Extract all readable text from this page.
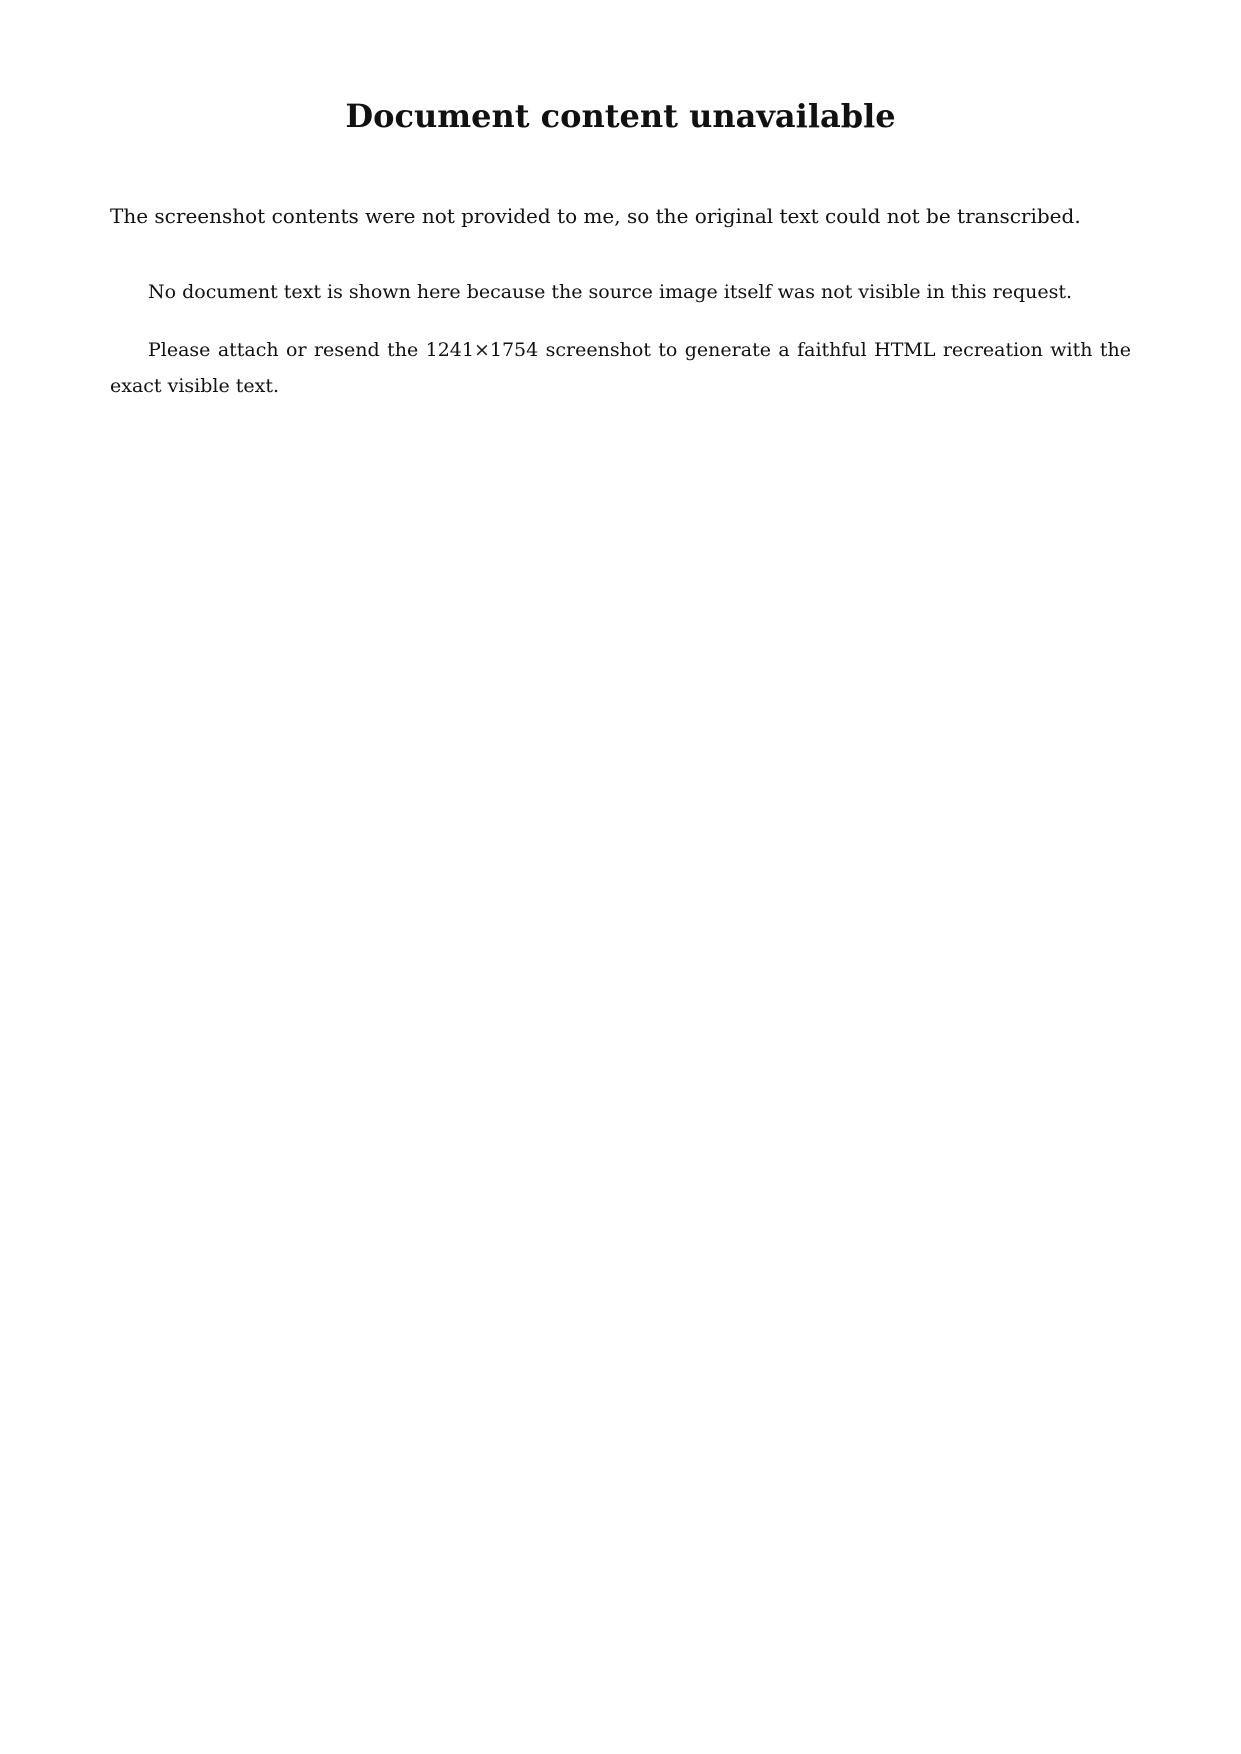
Document content unavailable
The screenshot contents were not provided to me, so the original text could not be transcribed.

No document text is shown here because the source image itself was not visible in this request.

Please attach or resend the 1241×1754 screenshot to generate a faithful HTML recreation with the exact visible text.
